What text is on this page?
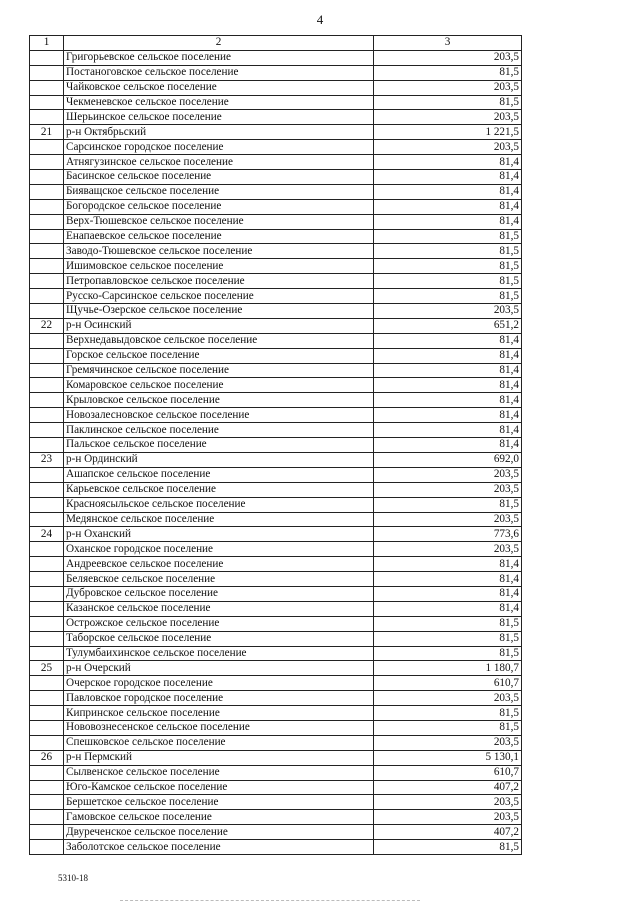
4
1	2	3
	Григорьевское сельское поселение	203,5
	Постаноговское сельское поселение	81,5
	Чайковское сельское поселение	203,5
	Чекменевское сельское поселение	81,5
	Шерьинское сельское поселение	203,5
21	р-н Октябрьский	1 221,5
	Сарсинское городское поселение	203,5
	Атнягузинское сельское поселение	81,4
	Басинское сельское поселение	81,4
	Бияващское сельское поселение	81,4
	Богородское сельское поселение	81,4
	Верх-Тюшевское сельское поселение	81,4
	Енапаевское сельское поселение	81,5
	Заводо-Тюшевское сельское поселение	81,5
	Ишимовское сельское поселение	81,5
	Петропавловское сельское поселение	81,5
	Русско-Сарсинское сельское поселение	81,5
	Щучье-Озерское сельское поселение	203,5
22	р-н Осинский	651,2
	Верхнедавыдовское сельское поселение	81,4
	Горское сельское поселение	81,4
	Гремячинское сельское поселение	81,4
	Комаровское сельское поселение	81,4
	Крыловское сельское поселение	81,4
	Новозалесновское сельское поселение	81,4
	Паклинское сельское поселение	81,4
	Пальское сельское поселение	81,4
23	р-н Ординский	692,0
	Ашапское сельское поселение	203,5
	Карьевское сельское поселение	203,5
	Красноясыльское сельское поселение	81,5
	Медянское сельское поселение	203,5
24	р-н Оханский	773,6
	Оханское городское поселение	203,5
	Андреевское сельское поселение	81,4
	Беляевское сельское поселение	81,4
	Дубровское сельское поселение	81,4
	Казанское сельское поселение	81,4
	Острожское сельское поселение	81,5
	Таборское сельское поселение	81,5
	Тулумбаихинское сельское поселение	81,5
25	р-н Очерский	1 180,7
	Очерское городское поселение	610,7
	Павловское городское поселение	203,5
	Кипринское сельское поселение	81,5
	Нововознесенское сельское поселение	81,5
	Спешковское сельское поселение	203,5
26	р-н Пермский	5 130,1
	Сылвенское сельское поселение	610,7
	Юго-Камское сельское поселение	407,2
	Бершетское сельское поселение	203,5
	Гамовское сельское поселение	203,5
	Двуреченское сельское поселение	407,2
	Заболотское сельское поселение	81,5
5310-18
